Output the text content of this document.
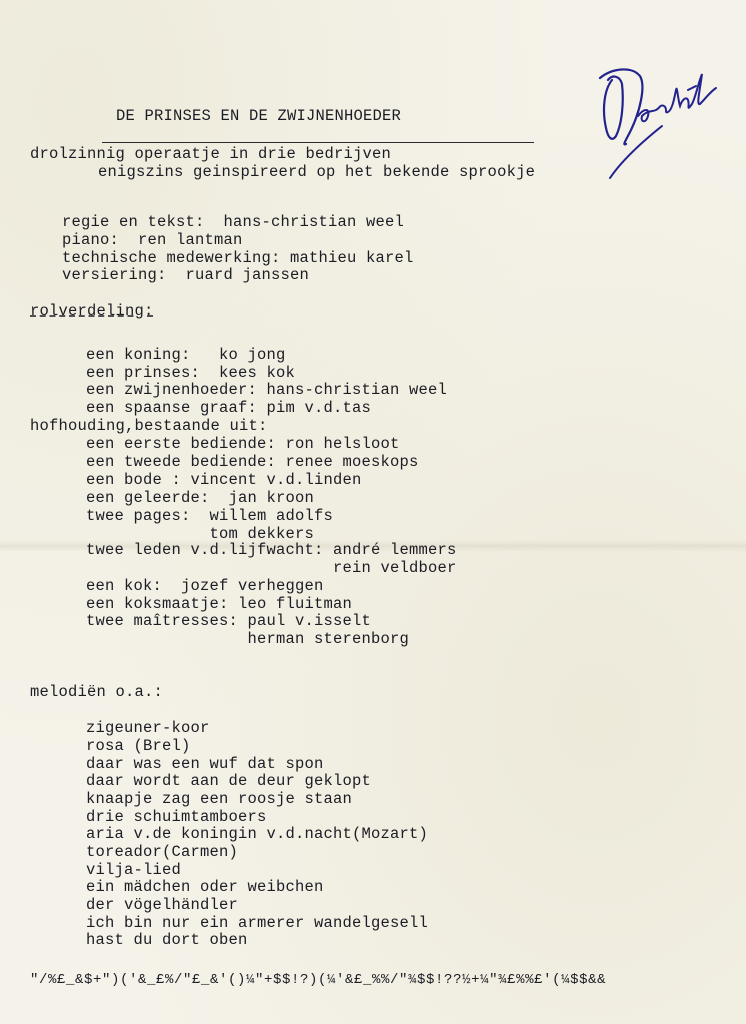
DE PRINSES EN DE ZWIJNENHOEDER
drolzinnig operaatje in drie bedrijven
enigszins geinspireerd op het bekende sprookje
regie en tekst:  hans-christian weel
piano:  ren lantman
technische medewerking: mathieu karel
versiering:  ruard janssen
rolverdeling:
een koning:   ko jong
een prinses:  kees kok
een zwijnenhoeder: hans-christian weel
een spaanse graaf: pim v.d.tas
hofhouding,bestaande uit:
een eerste bediende: ron helsloot
een tweede bediende: renee moeskops
een bode : vincent v.d.linden
een geleerde:  jan kroon
twee pages:  willem adolfs
tom dekkers
twee leden v.d.lijfwacht: andré lemmers
rein veldboer
een kok:  jozef verheggen
een koksmaatje: leo fluitman
twee maîtresses: paul v.isselt
herman sterenborg
melodiën o.a.:
zigeuner-koor
rosa (Brel)
daar was een wuf dat spon
daar wordt aan de deur geklopt
knaapje zag een roosje staan
drie schuimtamboers
aria v.de koningin v.d.nacht(Mozart)
toreador(Carmen)
vilja-lied
ein mädchen oder weibchen
der vögelhändler
ich bin nur ein armerer wandelgesell
hast du dort oben
"/%£_&$+")('&_£%/"£_&'()¼"+$$!?)(¼'&£_%%/"¾$$!??½+¼"¾£%%£'(¼$$&&
